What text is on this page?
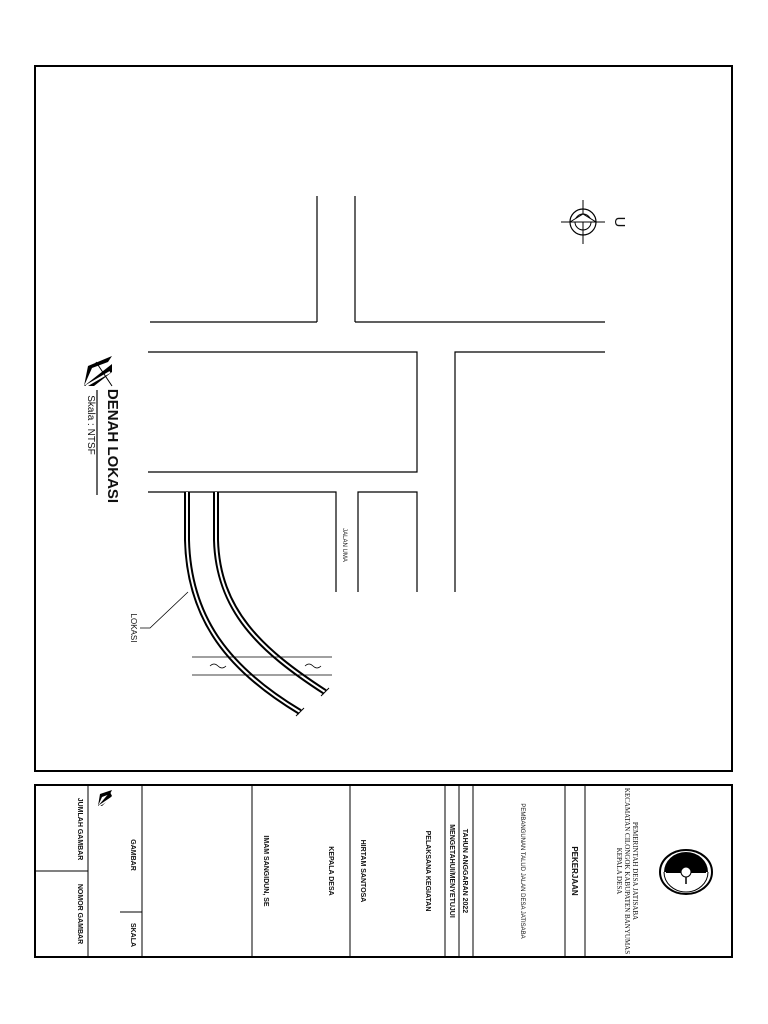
LOKASI
JALAN UMA
U
DENAH LOKASI
Skala : NTSF
PEMERINTAH DESA JATISABA
KECAMATAN CILONGOK KABUPATEN BANYUMAS
KEPALA DESA
PEKERJAAN
PEMBANGUNAN TALUD JALAN DESA JATISABA
TAHUN ANGGARAN 2022
MENGETAHUI/MENYETUJUI
PELAKSANA KEGIATAN
HIRTAM SANTOSA
KEPALA DESA
IMAM SANGIDUN, SE
GAMBAR
SKALA
JUMLAH GAMBAR
NOMOR GAMBAR
